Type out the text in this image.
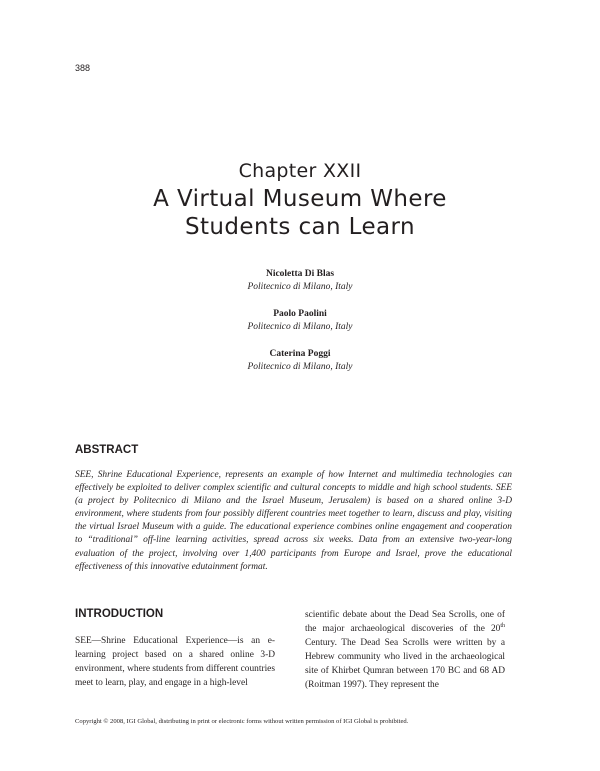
388
Chapter XXII
A Virtual Museum Where Students can Learn
Nicoletta Di Blas
Politecnico di Milano, Italy
Paolo Paolini
Politecnico di Milano, Italy
Caterina Poggi
Politecnico di Milano, Italy
ABSTRACT
SEE, Shrine Educational Experience, represents an example of how Internet and multimedia technologies can effectively be exploited to deliver complex scientific and cultural concepts to middle and high school students. SEE (a project by Politecnico di Milano and the Israel Museum, Jerusalem) is based on a shared online 3-D environment, where students from four possibly different countries meet together to learn, discuss and play, visiting the virtual Israel Museum with a guide. The educational experience combines online engagement and cooperation to “traditional” off-line learning activities, spread across six weeks. Data from an extensive two-year-long evaluation of the project, involving over 1,400 participants from Europe and Israel, prove the educational effectiveness of this innovative edutainment format.
INTRODUCTION
SEE—Shrine Educational Experience—is an e-learning project based on a shared online 3-D environment, where students from different countries meet to learn, play, and engage in a high-level
scientific debate about the Dead Sea Scrolls, one of the major archaeological discoveries of the 20th Century. The Dead Sea Scrolls were written by a Hebrew community who lived in the archaeological site of Khirbet Qumran between 170 BC and 68 AD (Roitman 1997). They represent the
Copyright © 2008, IGI Global, distributing in print or electronic forms without written permission of IGI Global is prohibited.
